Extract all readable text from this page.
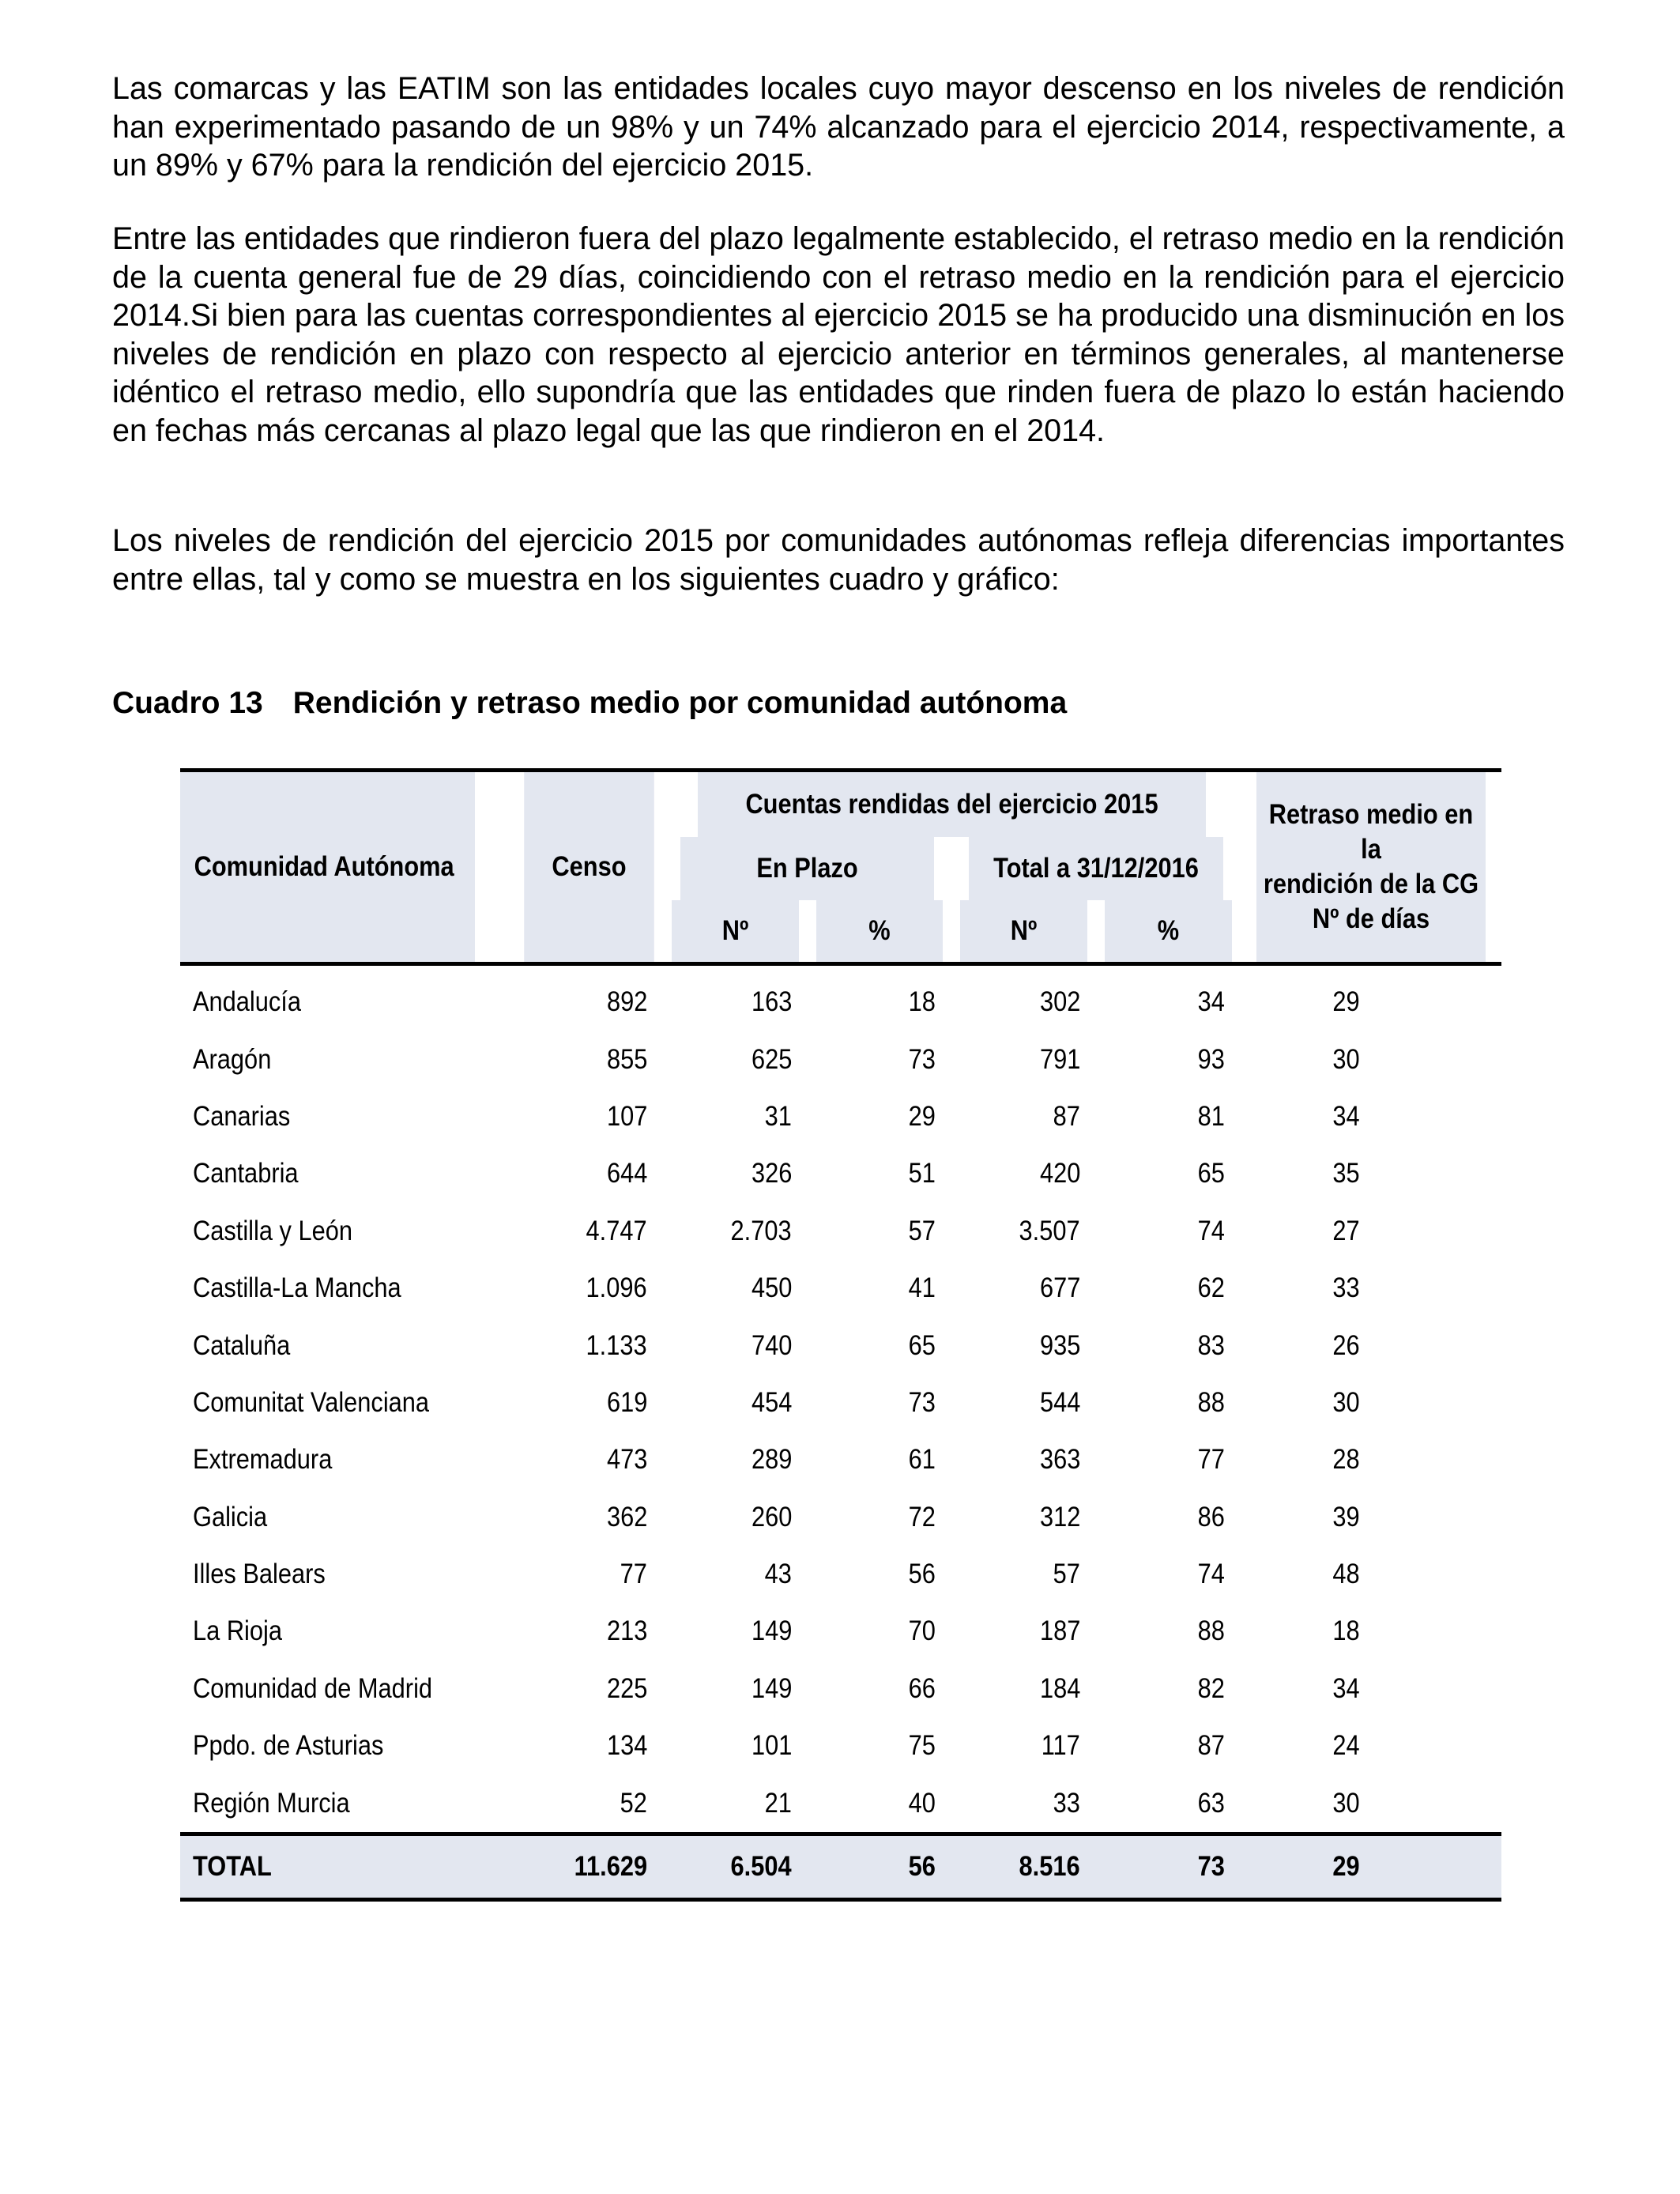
Las comarcas y las EATIM son las entidades locales cuyo mayor descenso en los niveles de rendición han experimentado pasando de un 98% y un 74% alcanzado para el ejercicio 2014, respectivamente, a un 89% y 67% para la rendición del ejercicio 2015.

Entre las entidades que rindieron fuera del plazo legalmente establecido, el retraso medio en la rendición de la cuenta general fue de 29 días, coincidiendo con el retraso medio en la rendición para el ejercicio 2014.Si bien para las cuentas correspondientes al ejercicio 2015 se ha producido una disminución en los niveles de rendición en plazo con respecto al ejercicio anterior en términos generales, al mantenerse idéntico el retraso medio, ello supondría que las entidades que rinden fuera de plazo lo están haciendo en fechas más cercanas al plazo legal que las que rindieron en el 2014.

Los niveles de rendición del ejercicio 2015 por comunidades autónomas refleja diferencias importantes entre ellas, tal y como se muestra en los siguientes cuadro y gráfico:

Cuadro 13 Rendición y retraso medio por comunidad autónoma

Comunidad Autónoma	Censo	Cuentas rendidas del ejercicio 2015				Retraso medio en la
rendición de la CG
Nº de días
		En Plazo		Total a 31/12/2016		
		Nº	%	Nº	%	
Andalucía	892	163	18	302	34	29
Aragón	855	625	73	791	93	30
Canarias	107	31	29	87	81	34
Cantabria	644	326	51	420	65	35
Castilla y León	4.747	2.703	57	3.507	74	27
Castilla-La Mancha	1.096	450	41	677	62	33
Cataluña	1.133	740	65	935	83	26
Comunitat Valenciana	619	454	73	544	88	30
Extremadura	473	289	61	363	77	28
Galicia	362	260	72	312	86	39
Illes Balears	77	43	56	57	74	48
La Rioja	213	149	70	187	88	18
Comunidad de Madrid	225	149	66	184	82	34
Ppdo. de Asturias	134	101	75	117	87	24
Región Murcia	52	21	40	33	63	30
TOTAL	11.629	6.504	56	8.516	73	29
